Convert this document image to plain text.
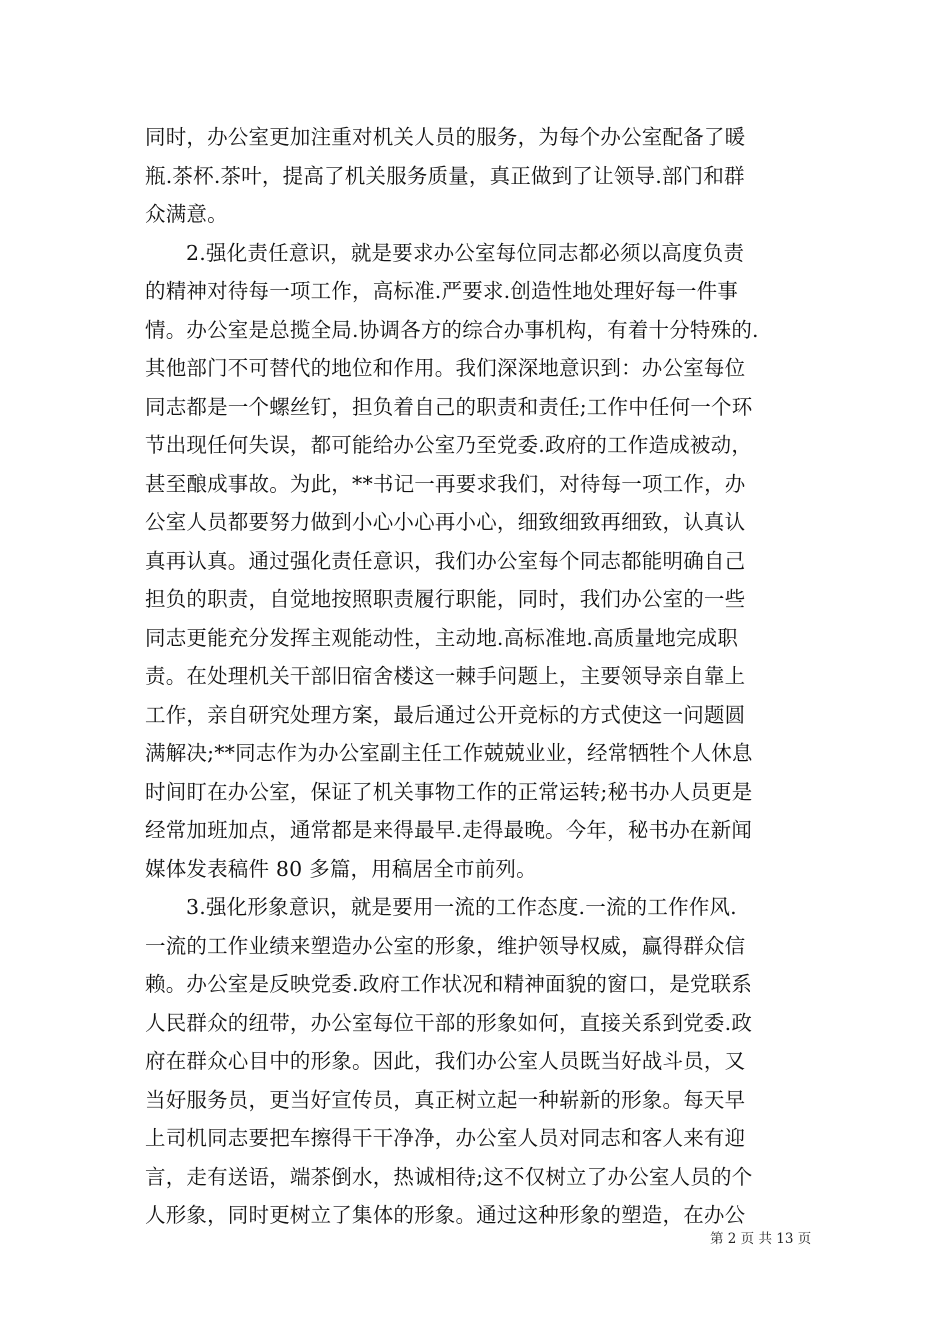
同时，办公室更加注重对机关人员的服务，为每个办公室配备了暖
瓶.茶杯.茶叶，提高了机关服务质量，真正做到了让领导.部门和群
众满意。
2.强化责任意识，就是要求办公室每位同志都必须以高度负责
的精神对待每一项工作，高标准.严要求.创造性地处理好每一件事
情。办公室是总揽全局.协调各方的综合办事机构，有着十分特殊的.
其他部门不可替代的地位和作用。我们深深地意识到：办公室每位
同志都是一个螺丝钉，担负着自己的职责和责任;工作中任何一个环
节出现任何失误，都可能给办公室乃至党委.政府的工作造成被动，
甚至酿成事故。为此，**书记一再要求我们，对待每一项工作，办
公室人员都要努力做到小心小心再小心，细致细致再细致，认真认
真再认真。通过强化责任意识，我们办公室每个同志都能明确自己
担负的职责，自觉地按照职责履行职能，同时，我们办公室的一些
同志更能充分发挥主观能动性，主动地.高标准地.高质量地完成职
责。在处理机关干部旧宿舍楼这一棘手问题上，主要领导亲自靠上
工作，亲自研究处理方案，最后通过公开竞标的方式使这一问题圆
满解决;**同志作为办公室副主任工作兢兢业业，经常牺牲个人休息
时间盯在办公室，保证了机关事物工作的正常运转;秘书办人员更是
经常加班加点，通常都是来得最早.走得最晚。今年，秘书办在新闻
媒体发表稿件 80 多篇，用稿居全市前列。
3.强化形象意识，就是要用一流的工作态度.一流的工作作风.
一流的工作业绩来塑造办公室的形象，维护领导权威，赢得群众信
赖。办公室是反映党委.政府工作状况和精神面貌的窗口，是党联系
人民群众的纽带，办公室每位干部的形象如何，直接关系到党委.政
府在群众心目中的形象。因此，我们办公室人员既当好战斗员，又
当好服务员，更当好宣传员，真正树立起一种崭新的形象。每天早
上司机同志要把车擦得干干净净，办公室人员对同志和客人来有迎
言，走有送语，端茶倒水，热诚相待;这不仅树立了办公室人员的个
人形象，同时更树立了集体的形象。通过这种形象的塑造，在办公
第 2 页 共 13 页
